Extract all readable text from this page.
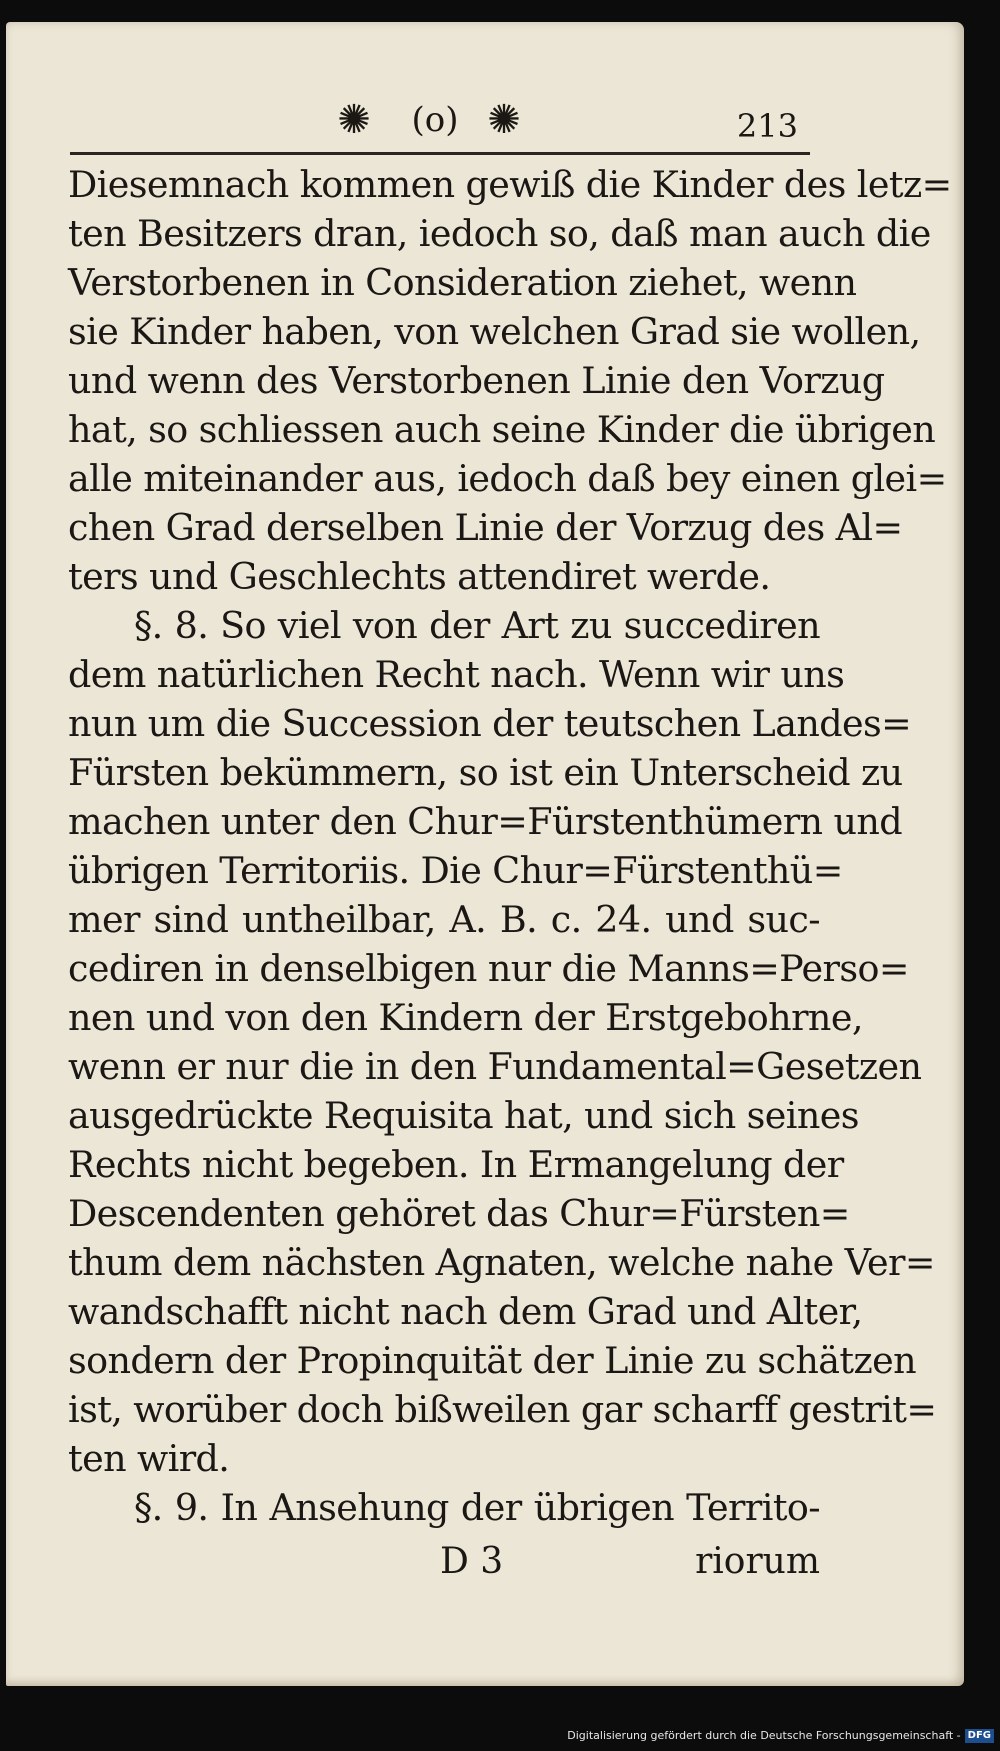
✺	(o) ✺	213
Diesemnach kommen gewiß die Kinder des letz=
ten Besitzers dran, iedoch so, daß man auch die
Verstorbenen in Consideration ziehet, wenn
sie Kinder haben, von welchen Grad sie wollen,
und wenn des Verstorbenen Linie den Vorzug
hat, so schliessen auch seine Kinder die übrigen
alle miteinander aus, iedoch daß bey einen glei=
chen Grad derselben Linie der Vorzug des Al=
ters und Geschlechts attendiret werde.
§. 8. So viel von der Art zu succediren
dem natürlichen Recht nach. Wenn wir uns
nun um die Succession der teutschen Landes=
Fürsten bekümmern, so ist ein Unterscheid zu
machen unter den Chur=Fürstenthümern und
übrigen Territoriis. Die Chur=Fürstenthü=
mer sind untheilbar, A. B. c. 24. und suc-
cediren in denselbigen nur die Manns=Perso=
nen und von den Kindern der Erstgebohrne,
wenn er nur die in den Fundamental=Gesetzen
ausgedrückte Requisita hat, und sich seines
Rechts nicht begeben. In Ermangelung der
Descendenten gehöret das Chur=Fürsten=
thum dem nächsten Agnaten, welche nahe Ver=
wandschafft nicht nach dem Grad und Alter,
sondern der Propinquität der Linie zu schätzen
ist, worüber doch bißweilen gar scharff gestrit=
ten wird.
§. 9. In Ansehung der übrigen Territo-
D 3	riorum
Digitalisierung gefördert durch die Deutsche Forschungsgemeinschaft - DFG
